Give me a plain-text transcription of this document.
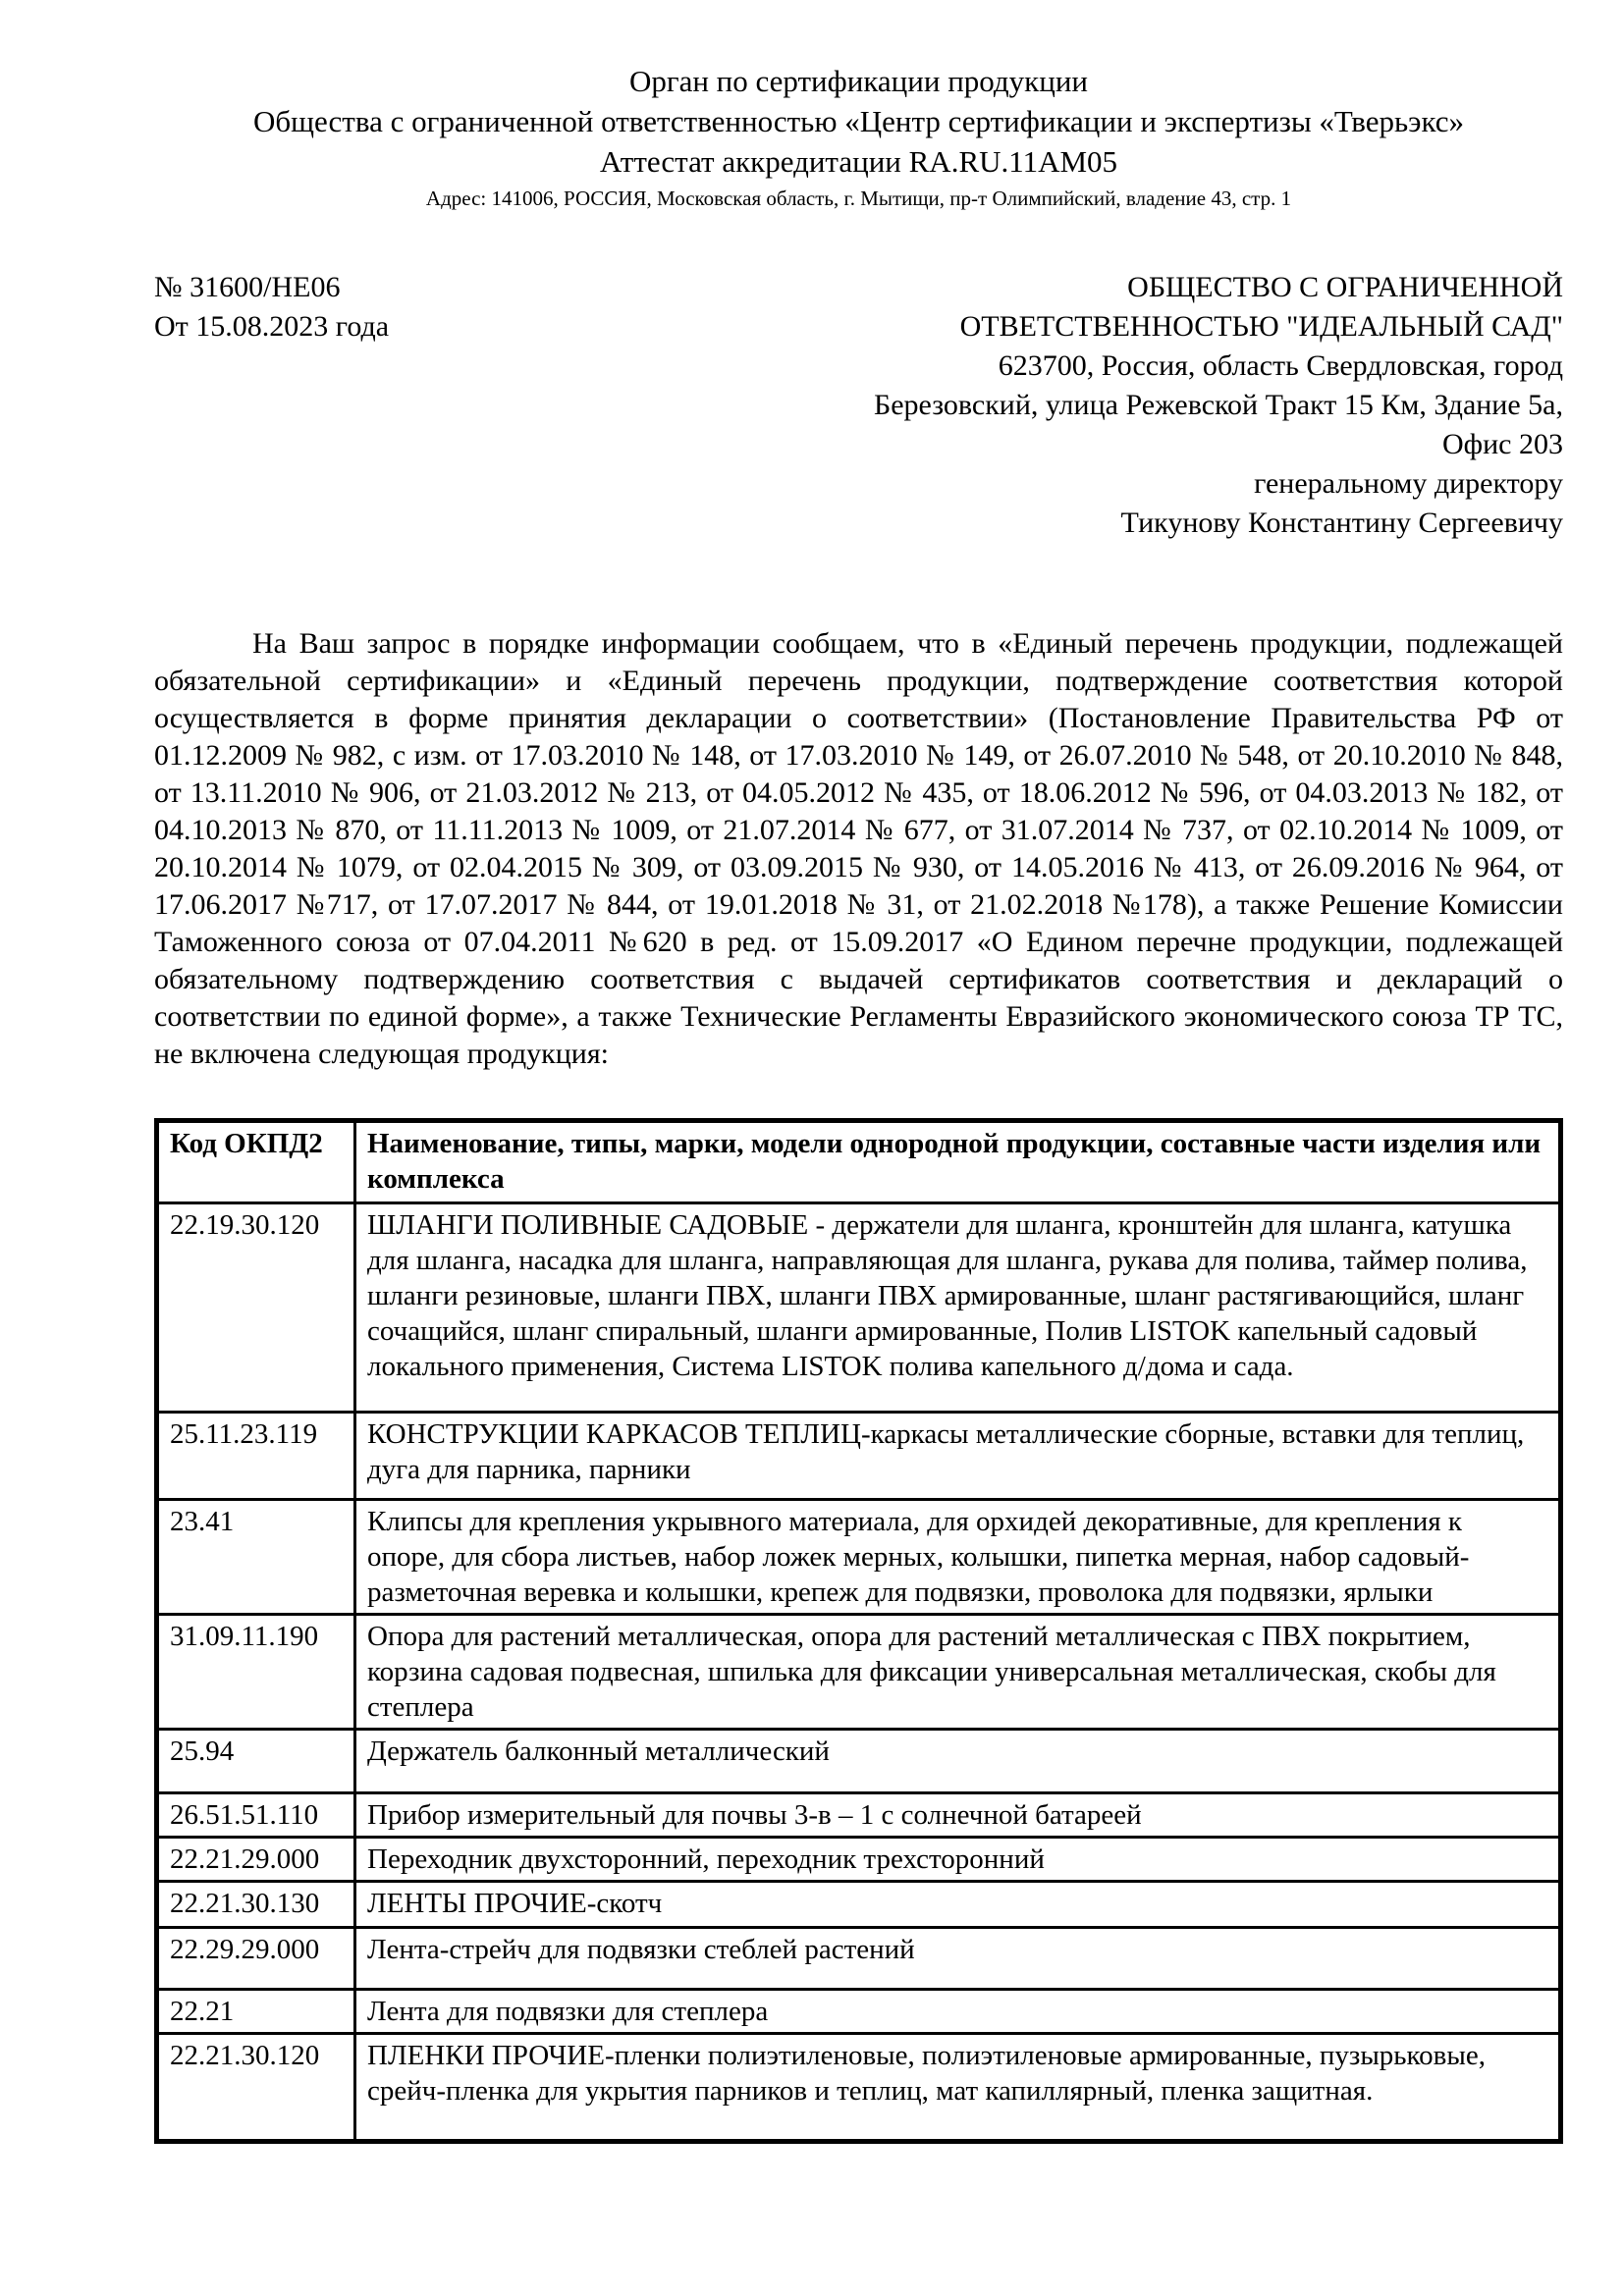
Орган по сертификации продукции
Общества с ограниченной ответственностью «Центр сертификации и экспертизы «Тверьэкс»
Аттестат аккредитации RA.RU.11AM05
Адрес: 141006, РОССИЯ, Московская область, г. Мытищи, пр-т Олимпийский, владение 43, стр. 1
№ 31600/НЕ06
От 15.08.2023 года
ОБЩЕСТВО С ОГРАНИЧЕННОЙ
ОТВЕТСТВЕННОСТЬЮ "ИДЕАЛЬНЫЙ САД"
623700, Россия, область Свердловская, город
Березовский, улица Режевской Тракт 15 Км, Здание 5а,
Офис 203
генеральному директору
Тикунову Константину Сергеевичу

На Ваш запрос в порядке информации сообщаем, что в «Единый перечень продукции, подлежащей обязательной сертификации» и «Единый перечень продукции, подтверждение соответствия которой осуществляется в форме принятия декларации о соответствии» (Постановление Правительства РФ от 01.12.2009 № 982, с изм. от 17.03.2010 № 148, от 17.03.2010 № 149, от 26.07.2010 № 548, от 20.10.2010 № 848, от 13.11.2010 № 906, от 21.03.2012 № 213, от 04.05.2012 № 435, от 18.06.2012 № 596, от 04.03.2013 № 182, от 04.10.2013 № 870, от 11.11.2013 № 1009, от 21.07.2014 № 677, от 31.07.2014 № 737, от 02.10.2014 № 1009, от 20.10.2014 № 1079, от 02.04.2015 № 309, от 03.09.2015 № 930, от 14.05.2016 № 413, от 26.09.2016 № 964, от 17.06.2017 №717, от 17.07.2017 № 844, от 19.01.2018 № 31, от 21.02.2018 №178), а также Решение Комиссии Таможенного союза от 07.04.2011 №620 в ред. от 15.09.2017 «О Едином перечне продукции, подлежащей обязательному подтверждению соответствия с выдачей сертификатов соответствия и деклараций о соответствии по единой форме», а также Технические Регламенты Евразийского экономического союза ТР ТС, не включена следующая продукция:

Код ОКПД2	Наименование, типы, марки, модели однородной продукции, составные части изделия или комплекса
22.19.30.120	ШЛАНГИ ПОЛИВНЫЕ САДОВЫЕ - держатели для шланга, кронштейн для шланга, катушка для шланга, насадка для шланга, направляющая для шланга, рукава для полива, таймер полива, шланги резиновые, шланги ПВХ, шланги ПВХ армированные, шланг растягивающийся, шланг сочащийся, шланг спиральный, шланги армированные, Полив LISTOK капельный садовый локального применения, Система LISTOK полива капельного д/дома и сада.
25.11.23.119	КОНСТРУКЦИИ КАРКАСОВ ТЕПЛИЦ-каркасы металлические сборные, вставки для теплиц, дуга для парника, парники
23.41	Клипсы для крепления укрывного материала, для орхидей декоративные, для крепления к опоре, для сбора листьев, набор ложек мерных, колышки, пипетка мерная, набор садовый-разметочная веревка и колышки, крепеж для подвязки, проволока для подвязки, ярлыки
31.09.11.190	Опора для растений металлическая, опора для растений металлическая с ПВХ покрытием, корзина садовая подвесная, шпилька для фиксации универсальная металлическая, скобы для степлера
25.94	Держатель балконный металлический
26.51.51.110	Прибор измерительный для почвы 3-в – 1 с солнечной батареей
22.21.29.000	Переходник двухсторонний, переходник трехсторонний
22.21.30.130	ЛЕНТЫ ПРОЧИЕ-скотч
22.29.29.000	Лента-стрейч для подвязки стеблей растений
22.21	Лента для подвязки для степлера
22.21.30.120	ПЛЕНКИ ПРОЧИЕ-пленки полиэтиленовые, полиэтиленовые армированные, пузырьковые, срейч-пленка для укрытия парников и теплиц, мат капиллярный, пленка защитная.
